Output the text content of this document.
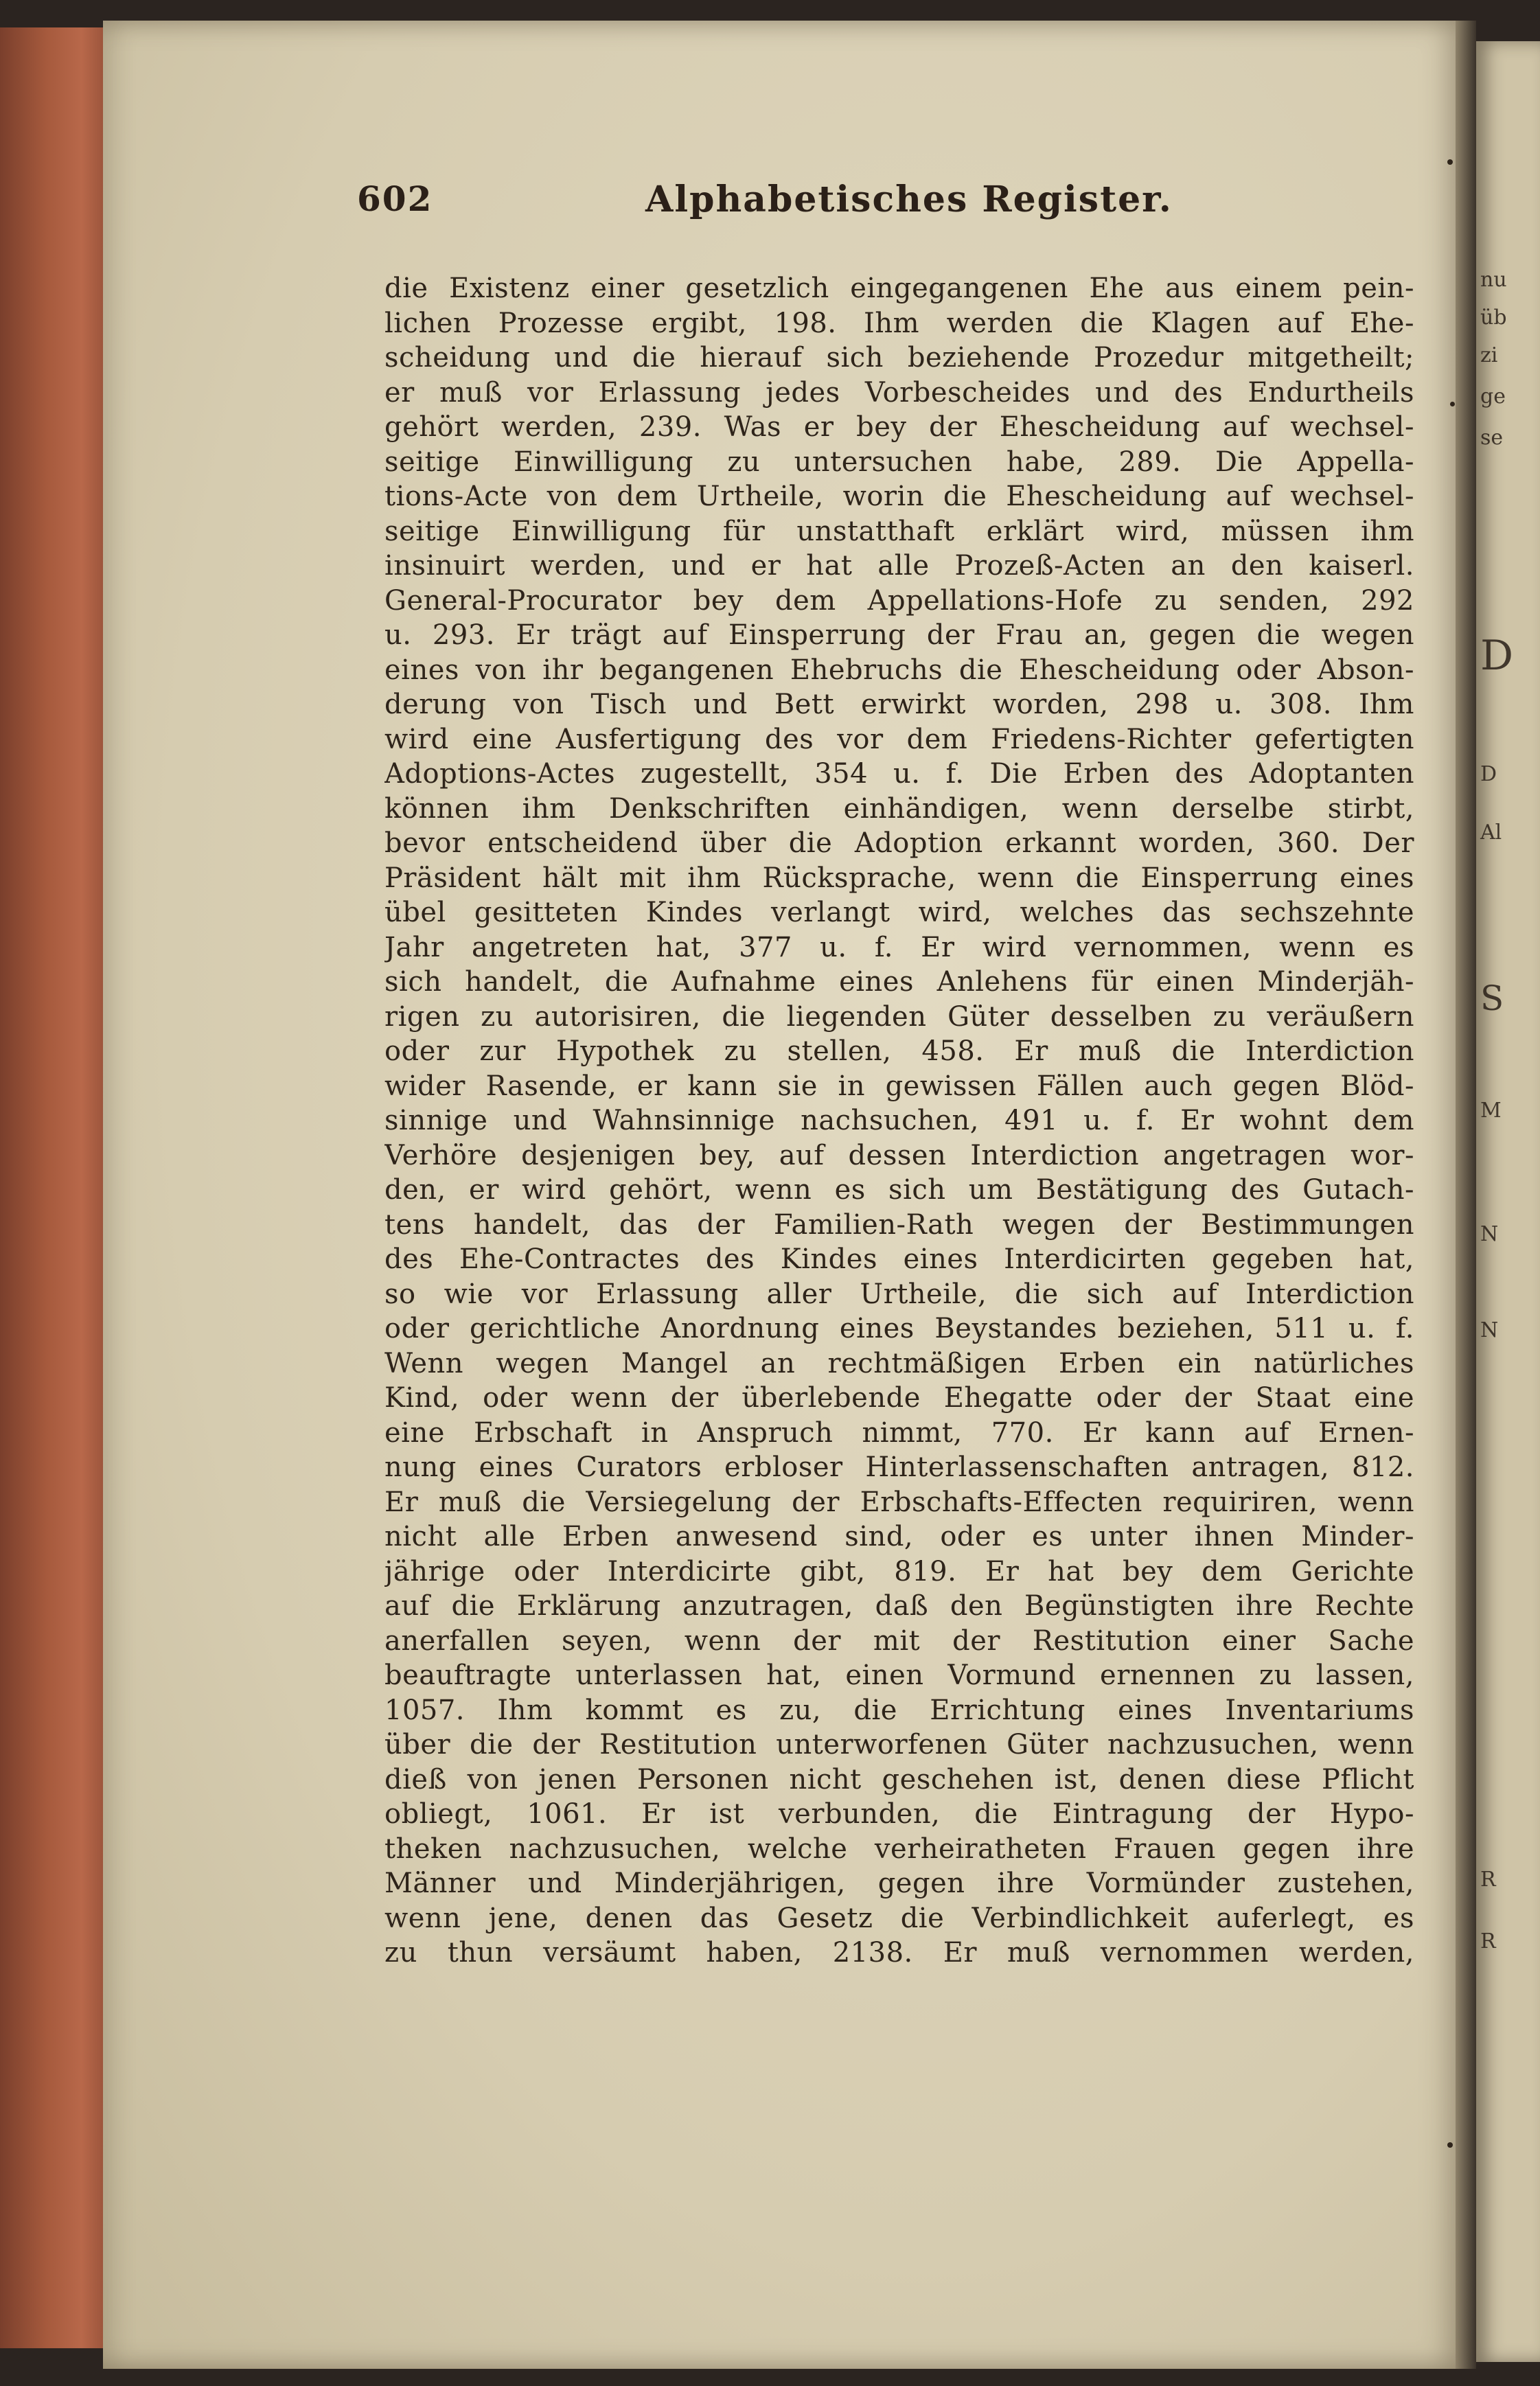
nu
üb
zi
ge
se
D
D
Al
S
M
N
N
R
R
602	Alphabetisches Register.
die Existenz einer gesetzlich eingegangenen Ehe aus einem pein-
lichen Prozesse ergibt, 198. Ihm werden die Klagen auf Ehe-
scheidung und die hierauf sich beziehende Prozedur mitgetheilt;
er muß vor Erlassung jedes Vorbescheides und des Endurtheils
gehört werden, 239. Was er bey der Ehescheidung auf wechsel-
seitige Einwilligung zu untersuchen habe, 289. Die Appella-
tions-Acte von dem Urtheile, worin die Ehescheidung auf wechsel-
seitige Einwilligung für unstatthaft erklärt wird, müssen ihm
insinuirt werden, und er hat alle Prozeß-Acten an den kaiserl.
General-Procurator bey dem Appellations-Hofe zu senden, 292
u. 293. Er trägt auf Einsperrung der Frau an, gegen die wegen
eines von ihr begangenen Ehebruchs die Ehescheidung oder Abson-
derung von Tisch und Bett erwirkt worden, 298 u. 308. Ihm
wird eine Ausfertigung des vor dem Friedens-Richter gefertigten
Adoptions-Actes zugestellt, 354 u. f. Die Erben des Adoptanten
können ihm Denkschriften einhändigen, wenn derselbe stirbt,
bevor entscheidend über die Adoption erkannt worden, 360. Der
Präsident hält mit ihm Rücksprache, wenn die Einsperrung eines
übel gesitteten Kindes verlangt wird, welches das sechszehnte
Jahr angetreten hat, 377 u. f. Er wird vernommen, wenn es
sich handelt, die Aufnahme eines Anlehens für einen Minderjäh-
rigen zu autorisiren, die liegenden Güter desselben zu veräußern
oder zur Hypothek zu stellen, 458. Er muß die Interdiction
wider Rasende, er kann sie in gewissen Fällen auch gegen Blöd-
sinnige und Wahnsinnige nachsuchen, 491 u. f. Er wohnt dem
Verhöre desjenigen bey, auf dessen Interdiction angetragen wor-
den, er wird gehört, wenn es sich um Bestätigung des Gutach-
tens handelt, das der Familien-Rath wegen der Bestimmungen
des Ehe-Contractes des Kindes eines Interdicirten gegeben hat,
so wie vor Erlassung aller Urtheile, die sich auf Interdiction
oder gerichtliche Anordnung eines Beystandes beziehen, 511 u. f.
Wenn wegen Mangel an rechtmäßigen Erben ein natürliches
Kind, oder wenn der überlebende Ehegatte oder der Staat eine
eine Erbschaft in Anspruch nimmt, 770. Er kann auf Ernen-
nung eines Curators erbloser Hinterlassenschaften antragen, 812.
Er muß die Versiegelung der Erbschafts-Effecten requiriren, wenn
nicht alle Erben anwesend sind, oder es unter ihnen Minder-
jährige oder Interdicirte gibt, 819. Er hat bey dem Gerichte
auf die Erklärung anzutragen, daß den Begünstigten ihre Rechte
anerfallen seyen, wenn der mit der Restitution einer Sache
beauftragte unterlassen hat, einen Vormund ernennen zu lassen,
1057. Ihm kommt es zu, die Errichtung eines Inventariums
über die der Restitution unterworfenen Güter nachzusuchen, wenn
dieß von jenen Personen nicht geschehen ist, denen diese Pflicht
obliegt, 1061. Er ist verbunden, die Eintragung der Hypo-
theken nachzusuchen, welche verheiratheten Frauen gegen ihre
Männer und Minderjährigen, gegen ihre Vormünder zustehen,
wenn jene, denen das Gesetz die Verbindlichkeit auferlegt, es
zu thun versäumt haben, 2138. Er muß vernommen werden,
